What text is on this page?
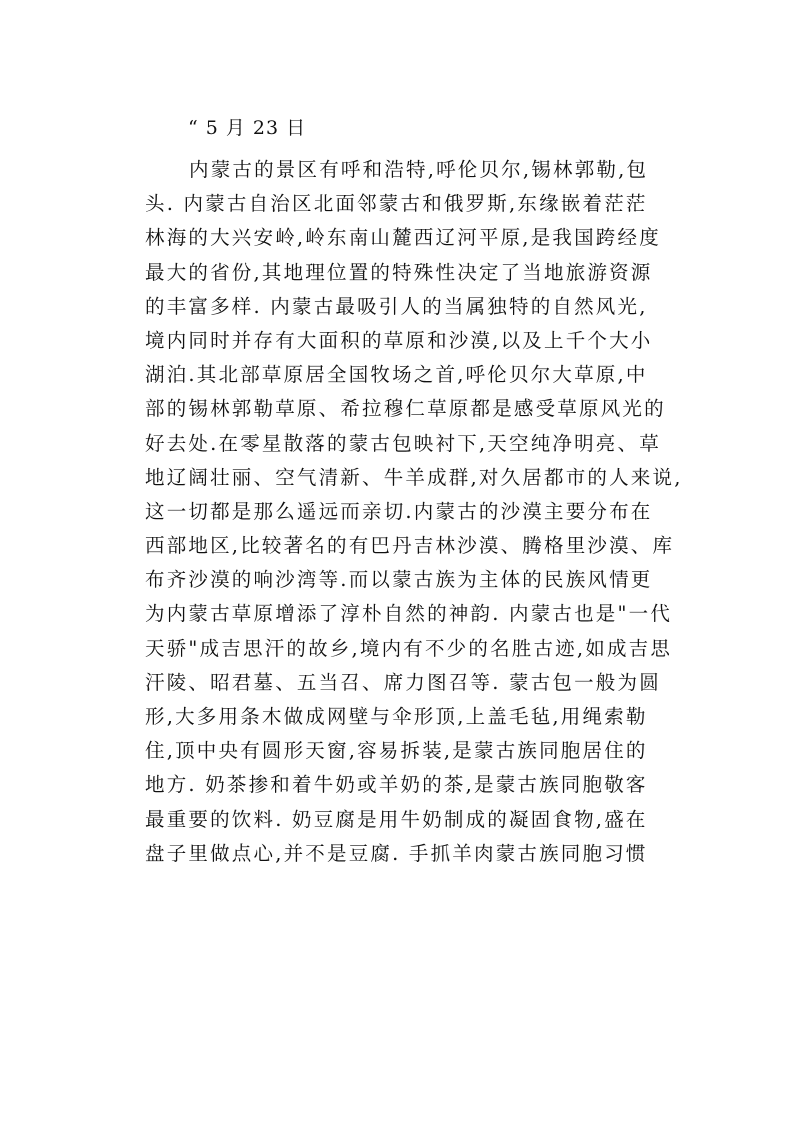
“ 5 月 23 日
内蒙古的景区有呼和浩特,呼伦贝尔,锡林郭勒,包
头. 内蒙古自治区北面邻蒙古和俄罗斯,东缘嵌着茫茫
林海的大兴安岭,岭东南山麓西辽河平原,是我国跨经度
最大的省份,其地理位置的特殊性决定了当地旅游资源
的丰富多样. 内蒙古最吸引人的当属独特的自然风光,
境内同时并存有大面积的草原和沙漠,以及上千个大小
湖泊.其北部草原居全国牧场之首,呼伦贝尔大草原,中
部的锡林郭勒草原、希拉穆仁草原都是感受草原风光的
好去处.在零星散落的蒙古包映衬下,天空纯净明亮、草
地辽阔壮丽、空气清新、牛羊成群,对久居都市的人来说,
这一切都是那么遥远而亲切.内蒙古的沙漠主要分布在
西部地区,比较著名的有巴丹吉林沙漠、腾格里沙漠、库
布齐沙漠的响沙湾等.而以蒙古族为主体的民族风情更
为内蒙古草原增添了淳朴自然的神韵. 内蒙古也是"一代
天骄"成吉思汗的故乡,境内有不少的名胜古迹,如成吉思
汗陵、昭君墓、五当召、席力图召等. 蒙古包一般为圆
形,大多用条木做成网壁与伞形顶,上盖毛毡,用绳索勒
住,顶中央有圆形天窗,容易拆装,是蒙古族同胞居住的
地方. 奶茶掺和着牛奶或羊奶的茶,是蒙古族同胞敬客
最重要的饮料. 奶豆腐是用牛奶制成的凝固食物,盛在
盘子里做点心,并不是豆腐. 手抓羊肉蒙古族同胞习惯
